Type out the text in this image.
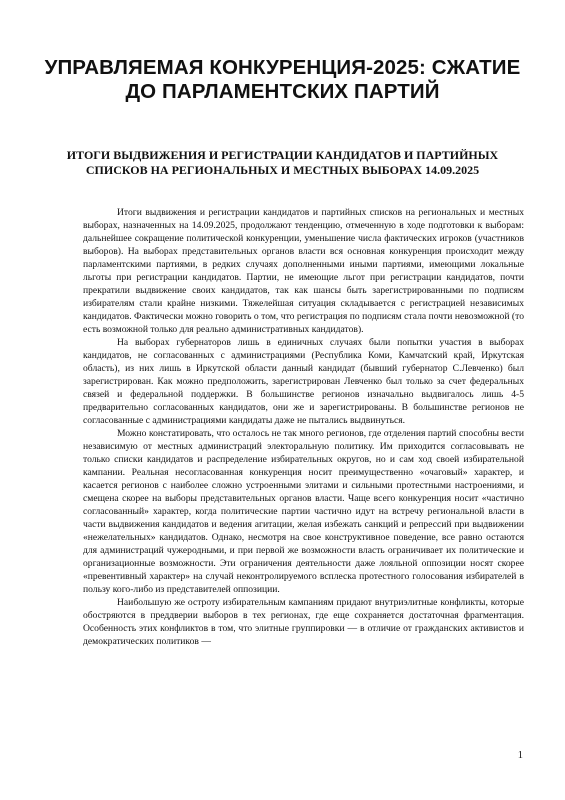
УПРАВЛЯЕМАЯ КОНКУРЕНЦИЯ-2025: СЖАТИЕ ДО ПАРЛАМЕНТСКИХ ПАРТИЙ
ИТОГИ ВЫДВИЖЕНИЯ И РЕГИСТРАЦИИ КАНДИДАТОВ И ПАРТИЙНЫХ СПИСКОВ НА РЕГИОНАЛЬНЫХ И МЕСТНЫХ ВЫБОРАХ 14.09.2025

Итоги выдвижения и регистрации кандидатов и партийных списков на региональных и местных выборах, назначенных на 14.09.2025, продолжают тенденцию, отмеченную в ходе подготовки к выборам: дальнейшее сокращение политической конкуренции, уменьшение числа фактических игроков (участников выборов). На выборах представительных органов власти вся основная конкуренция происходит между парламентскими партиями, в редких случаях дополненными иными партиями, имеющими локальные льготы при регистрации кандидатов. Партии, не имеющие льгот при регистрации кандидатов, почти прекратили выдвижение своих кандидатов, так как шансы быть зарегистрированными по подписям избирателям стали крайне низкими. Тяжелейшая ситуация складывается с регистрацией независимых кандидатов. Фактически можно говорить о том, что регистрация по подписям стала почти невозможной (то есть возможной только для реально административных кандидатов).

На выборах губернаторов лишь в единичных случаях были попытки участия в выборах кандидатов, не согласованных с администрациями (Республика Коми, Камчатский край, Иркутская область), из них лишь в Иркутской области данный кандидат (бывший губернатор С.Левченко) был зарегистрирован. Как можно предположить, зарегистрирован Левченко был только за счет федеральных связей и федеральной поддержки. В большинстве регионов изначально выдвигалось лишь 4-5 предварительно согласованных кандидатов, они же и зарегистрированы. В большинстве регионов не согласованные с администрациями кандидаты даже не пытались выдвинуться.

Можно констатировать, что осталось не так много регионов, где отделения партий способны вести независимую от местных администраций электоральную политику. Им приходится согласовывать не только списки кандидатов и распределение избирательных округов, но и сам ход своей избирательной кампании. Реальная несогласованная конкуренция носит преимущественно «очаговый» характер, и касается регионов с наиболее сложно устроенными элитами и сильными протестными настроениями, и смещена скорее на выборы представительных органов власти. Чаще всего конкуренция носит «частично согласованный» характер, когда политические партии частично идут на встречу региональной власти в части выдвижения кандидатов и ведения агитации, желая избежать санкций и репрессий при выдвижении «нежелательных» кандидатов. Однако, несмотря на свое конструктивное поведение, все равно остаются для администраций чужеродными, и при первой же возможности власть ограничивает их политические и организационные возможности. Эти ограничения деятельности даже лояльной оппозиции носят скорее «превентивный характер» на случай неконтролируемого всплеска протестного голосования избирателей в пользу кого-либо из представителей оппозиции.

Наибольшую же остроту избирательным кампаниям придают внутриэлитные конфликты, которые обостряются в преддверии выборов в тех регионах, где еще сохраняется достаточная фрагментация. Особенность этих конфликтов в том, что элитные группировки — в отличие от гражданских активистов и демократических политиков —

1
